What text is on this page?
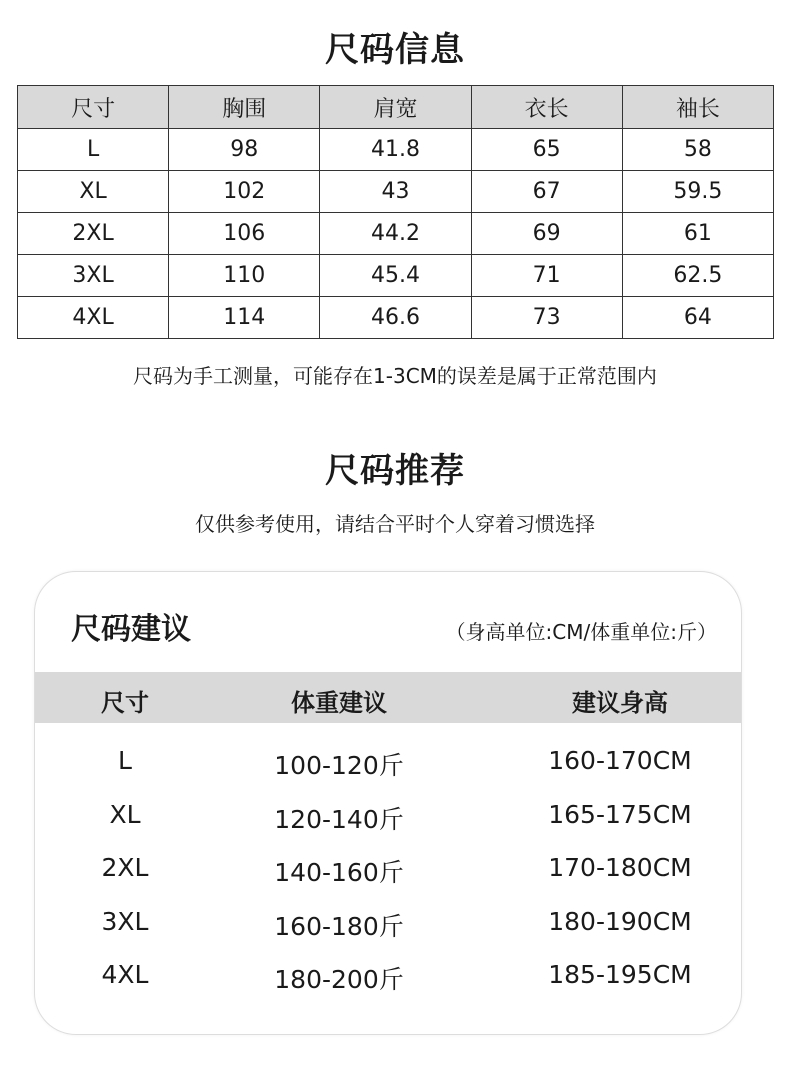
尺码信息
尺寸	胸围	肩宽	衣长	袖长
L	98	41.8	65	58
XL	102	43	67	59.5
2XL	106	44.2	69	61
3XL	110	45.4	71	62.5
4XL	114	46.6	73	64
尺码为手工测量，可能存在1-3CM的误差是属于正常范围内
尺码推荐
仅供参考使用，请结合平时个人穿着习惯选择
尺码建议	（身高单位:CM/体重单位:斤）
尺寸	体重建议	建议身高
L	100-120斤	160-170CM
XL	120-140斤	165-175CM
2XL	140-160斤	170-180CM
3XL	160-180斤	180-190CM
4XL	180-200斤	185-195CM
